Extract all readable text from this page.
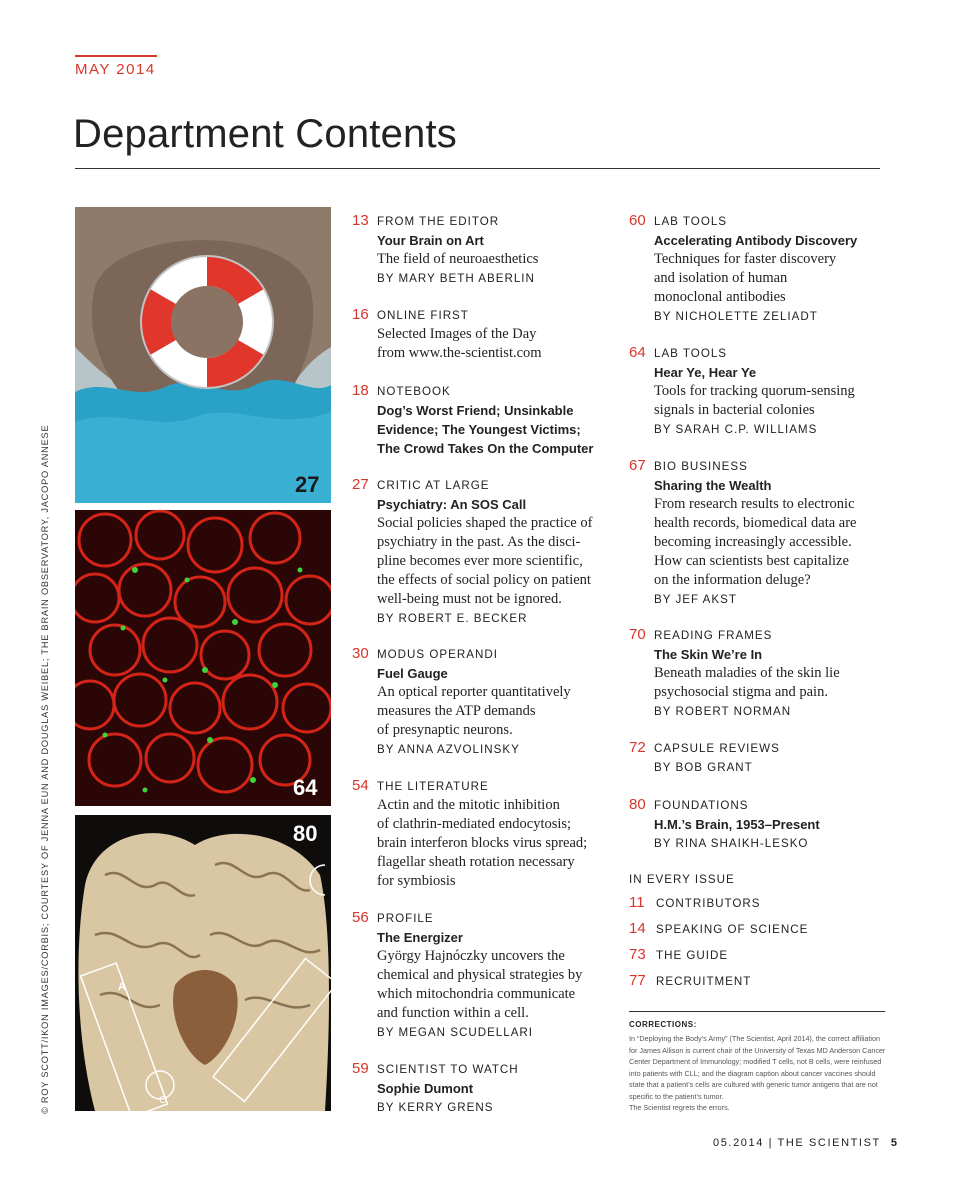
MAY 2014
Department Contents
© ROY SCOTT/IKON IMAGES/CORBIS; COURTESY OF JENNA EUN AND DOUGLAS WEIBEL; THE BRAIN OBSERVATORY, JACOPO ANNESE	27
64
A
C
80
13 FROM THE EDITOR
Your Brain on Art
The field of neuroaesthetics
BY MARY BETH ABERLIN
16 ONLINE FIRST
Selected Images of the Day
from www.the-scientist.com
18 NOTEBOOK
Dog’s Worst Friend; Unsinkable
Evidence; The Youngest Victims;
The Crowd Takes On the Computer
27 CRITIC AT LARGE
Psychiatry: An SOS Call
Social policies shaped the practice of
psychiatry in the past. As the disci-
pline becomes ever more scientific,
the effects of social policy on patient
well-being must not be ignored.
BY ROBERT E. BECKER
30 MODUS OPERANDI
Fuel Gauge
An optical reporter quantitatively
measures the ATP demands
of presynaptic neurons.
BY ANNA AZVOLINSKY
54 THE LITERATURE
Actin and the mitotic inhibition
of clathrin-mediated endocytosis;
brain interferon blocks virus spread;
flagellar sheath rotation necessary
for symbiosis
56 PROFILE
The Energizer
György Hajnóczky uncovers the
chemical and physical strategies by
which mitochondria communicate
and function within a cell.
BY MEGAN SCUDELLARI
59 SCIENTIST TO WATCH
Sophie Dumont
BY KERRY GRENS
60 LAB TOOLS
Accelerating Antibody Discovery
Techniques for faster discovery
and isolation of human
monoclonal antibodies
BY NICHOLETTE ZELIADT
64 LAB TOOLS
Hear Ye, Hear Ye
Tools for tracking quorum-sensing
signals in bacterial colonies
BY SARAH C.P. WILLIAMS
67 BIO BUSINESS
Sharing the Wealth
From research results to electronic
health records, biomedical data are
becoming increasingly accessible.
How can scientists best capitalize
on the information deluge?
BY JEF AKST
70 READING FRAMES
The Skin We’re In
Beneath maladies of the skin lie
psychosocial stigma and pain.
BY ROBERT NORMAN
72 CAPSULE REVIEWS
BY BOB GRANT
80 FOUNDATIONS
H.M.’s Brain, 1953–Present
BY RINA SHAIKH-LESKO
IN EVERY ISSUE
11 CONTRIBUTORS
14 SPEAKING OF SCIENCE
73 THE GUIDE
77 RECRUITMENT
CORRECTIONS:
In “Deploying the Body’s Army” (The Scientist, April 2014), the correct affiliation for James Allison is current chair of the University of Texas MD Anderson Cancer Center Department of Immunology; modified T cells, not B cells, were reinfused into patients with CLL; and the diagram caption about cancer vaccines should state that a patient’s cells are cultured with generic tumor antigens that are not specific to the patient’s tumor.
The Scientist regrets the errors.
05.2014 | THE SCIENTIST 5
